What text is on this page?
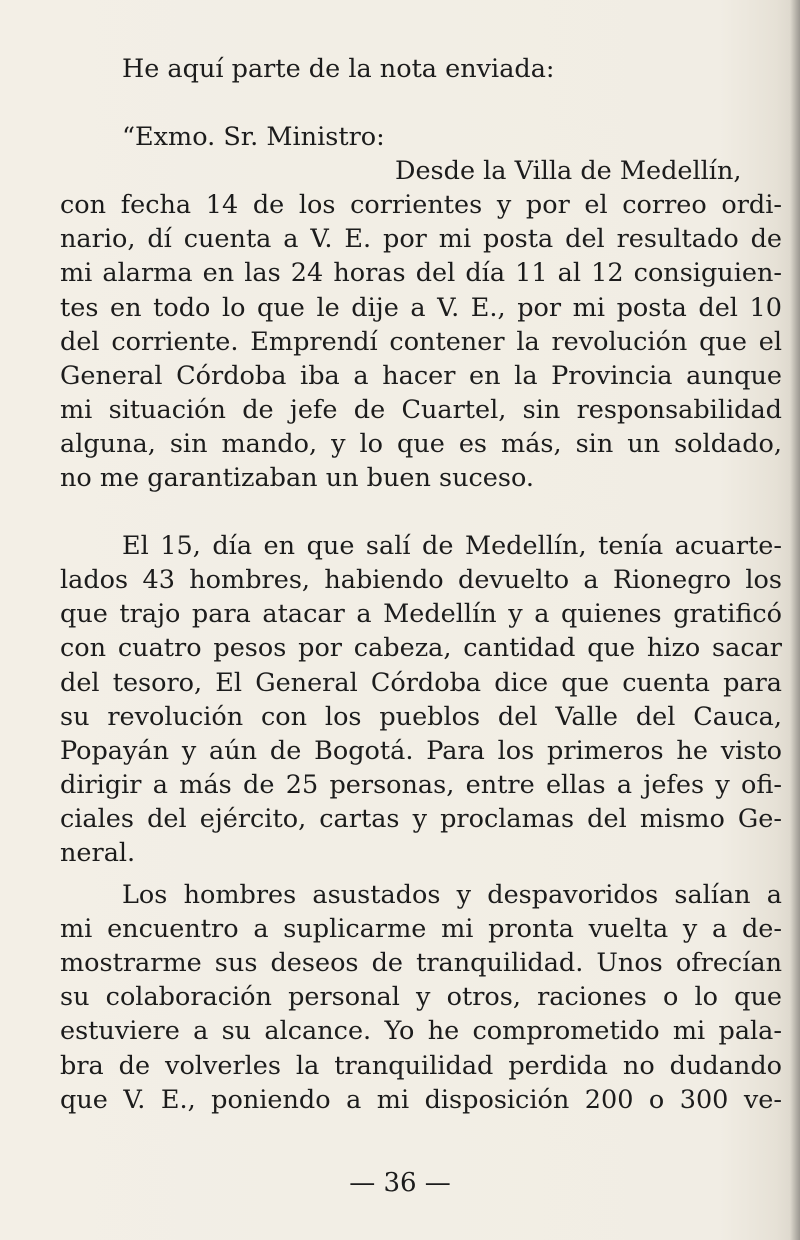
He aquí parte de la nota enviada:
“Exmo. Sr. Ministro:
Desde la Villa de Medellín,
con fecha 14 de los corrientes y por el correo ordi-
nario, dí cuenta a V. E. por mi posta del resultado de
mi alarma en las 24 horas del día 11 al 12 consiguien-
tes en todo lo que le dije a V. E., por mi posta del 10
del corriente. Emprendí contener la revolución que el
General Córdoba iba a hacer en la Provincia aunque
mi situación de jefe de Cuartel, sin responsabilidad
alguna, sin mando, y lo que es más, sin un soldado,
no me garantizaban un buen suceso.
El 15, día en que salí de Medellín, tenía acuarte-
lados 43 hombres, habiendo devuelto a Rionegro los
que trajo para atacar a Medellín y a quienes gratificó
con cuatro pesos por cabeza, cantidad que hizo sacar
del tesoro, El General Córdoba dice que cuenta para
su revolución con los pueblos del Valle del Cauca,
Popayán y aún de Bogotá. Para los primeros he visto
dirigir a más de 25 personas, entre ellas a jefes y ofi-
ciales del ejército, cartas y proclamas del mismo Ge-
neral.
Los hombres asustados y despavoridos salían a
mi encuentro a suplicarme mi pronta vuelta y a de-
mostrarme sus deseos de tranquilidad. Unos ofrecían
su colaboración personal y otros, raciones o lo que
estuviere a su alcance. Yo he comprometido mi pala-
bra de volverles la tranquilidad perdida no dudando
que V. E., poniendo a mi disposición 200 o 300 ve-
— 36 —
